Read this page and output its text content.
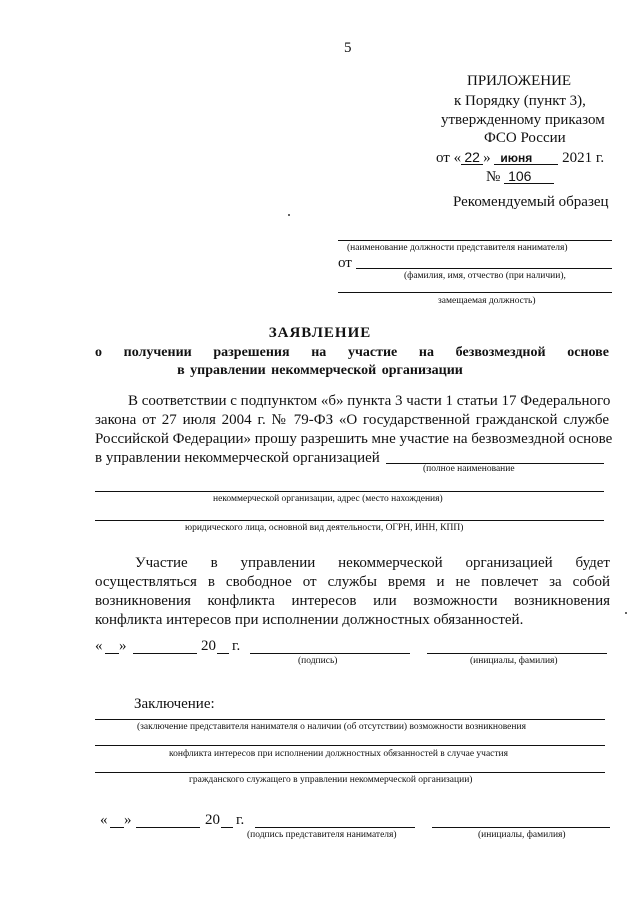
5
ПРИЛОЖЕНИЕ
к Порядку (пункт 3),
утвержденному приказом
ФСО России
от « 22 » июня 2021 г.
№ 106
Рекомендуемый образец
(наименование должности представителя нанимателя)
от
(фамилия, имя, отчество (при наличии),
замещаемая должность)
ЗАЯВЛЕНИЕ
о получении разрешения на участие на безвозмездной основе
в управлении некоммерческой организации
В соответствии с подпунктом «б» пункта 3 части 1 статьи 17 Федерального
закона от 27 июля 2004 г. № 79-ФЗ «О государственной гражданской службе
Российской Федерации» прошу разрешить мне участие на безвозмездной основе
в управлении некоммерческой организацией
(полное наименование
некоммерческой организации, адрес (место нахождения)
юридического лица, основной вид деятельности, ОГРН, ИНН, КПП)
Участие в управлении некоммерческой организацией будет
осуществляться в свободное от службы время и не повлечет за собой
возникновения конфликта интересов или возможности возникновения
конфликта интересов при исполнении должностных обязанностей.
« »	20 г.
(подпись)	(инициалы, фамилия)
Заключение:
(заключение представителя нанимателя о наличии (об отсутствии) возможности возникновения
конфликта интересов при исполнении должностных обязанностей в случае участия
гражданского служащего в управлении некоммерческой организации)
« »	20 г.
(подпись представителя нанимателя)	(инициалы, фамилия)
